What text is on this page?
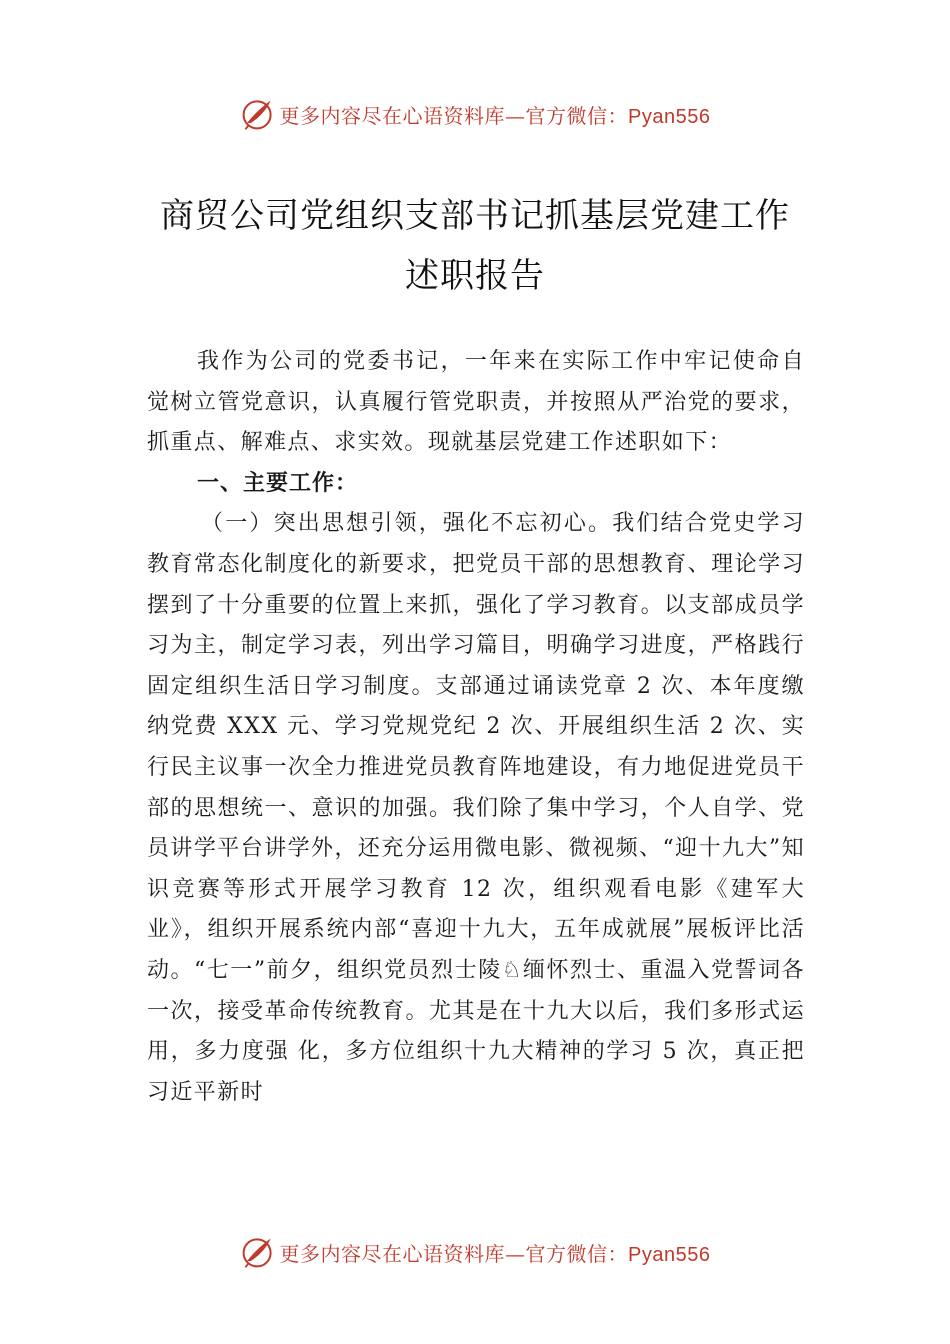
更多内容尽在心语资料库—官方微信：Pyan556
商贸公司党组织支部书记抓基层党建工作
述职报告

我作为公司的党委书记，一年来在实际工作中牢记使命自觉树立管党意识，认真履行管党职责，并按照从严治党的要求，抓重点、解难点、求实效。现就基层党建工作述职如下：

一、主要工作：

（一）突出思想引领，强化不忘初心。我们结合党史学习教育常态化制度化的新要求，把党员干部的思想教育、理论学习摆到了十分重要的位置上来抓，强化了学习教育。以支部成员学习为主，制定学习表，列出学习篇目，明确学习进度，严格践行固定组织生活日学习制度。支部通过诵读党章 2 次、本年度缴纳党费 XXX 元、学习党规党纪 2 次、开展组织生活 2 次、实行民主议事一次全力推进党员教育阵地建设，有力地促进党员干部的思想统一、意识的加强。我们除了集中学习，个人自学、党员讲学平台讲学外，还充分运用微电影、微视频、“迎十九大”知识竞赛等形式开展学习教育 12 次，组织观看电影《建军大业》，组织开展系统内部“喜迎十九大，五年成就展”展板评比活动。“七一”前夕，组织党员烈士陵♘缅怀烈士、重温入党誓词各一次，接受革命传统教育。尤其是在十九大以后，我们多形式运用，多力度强 化，多方位组织十九大精神的学习 5 次，真正把习近平新时

更多内容尽在心语资料库—官方微信：Pyan556
